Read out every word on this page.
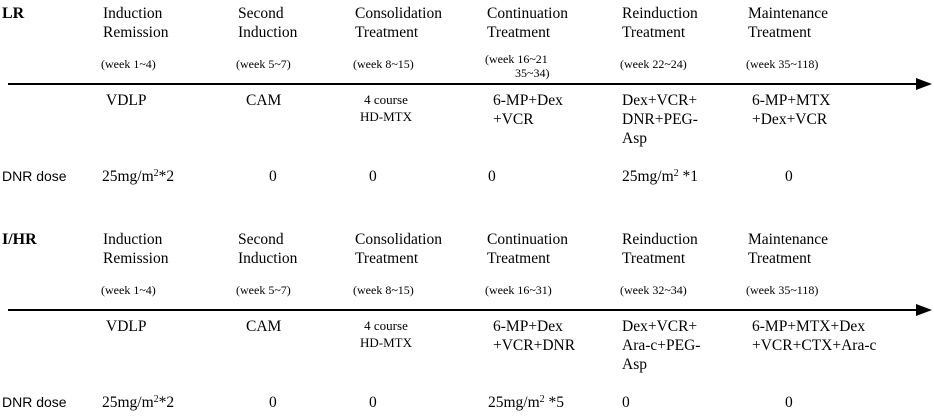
LR	Induction
Remission
(week 1~4)
VDLP
$25mg/m^2*2$
Second
Induction
(week 5~7)
CAM
0
Consolidation
Treatment
(week 8~15)
4 course
HD-MTX
0
Continuation
Treatment
(week 16~21
35~34)
6-MP+Dex
+VCR
0
Reinduction
Treatment
(week 22~24)
Dex+VCR+
DNR+PEG-
Asp
$25mg/m^2$ *1
Maintenance
Treatment
(week 35~118)
6-MP+MTX
+Dex+VCR
0
DNR dose
I/HR	Induction
Remission
(week 1~4)
VDLP
$25mg/m^2*2$
Second
Induction
(week 5~7)
CAM
0
Consolidation
Treatment
(week 8~15)
4 course
HD-MTX
0
Continuation
Treatment
(week 16~31)
6-MP+Dex
+VCR+DNR
$25mg/m^2$ *5
Reinduction
Treatment
(week 32~34)
Dex+VCR+
Ara-c+PEG-
Asp
0
Maintenance
Treatment
(week 35~118)
6-MP+MTX+Dex
+VCR+CTX+Ara-c
0
DNR dose
